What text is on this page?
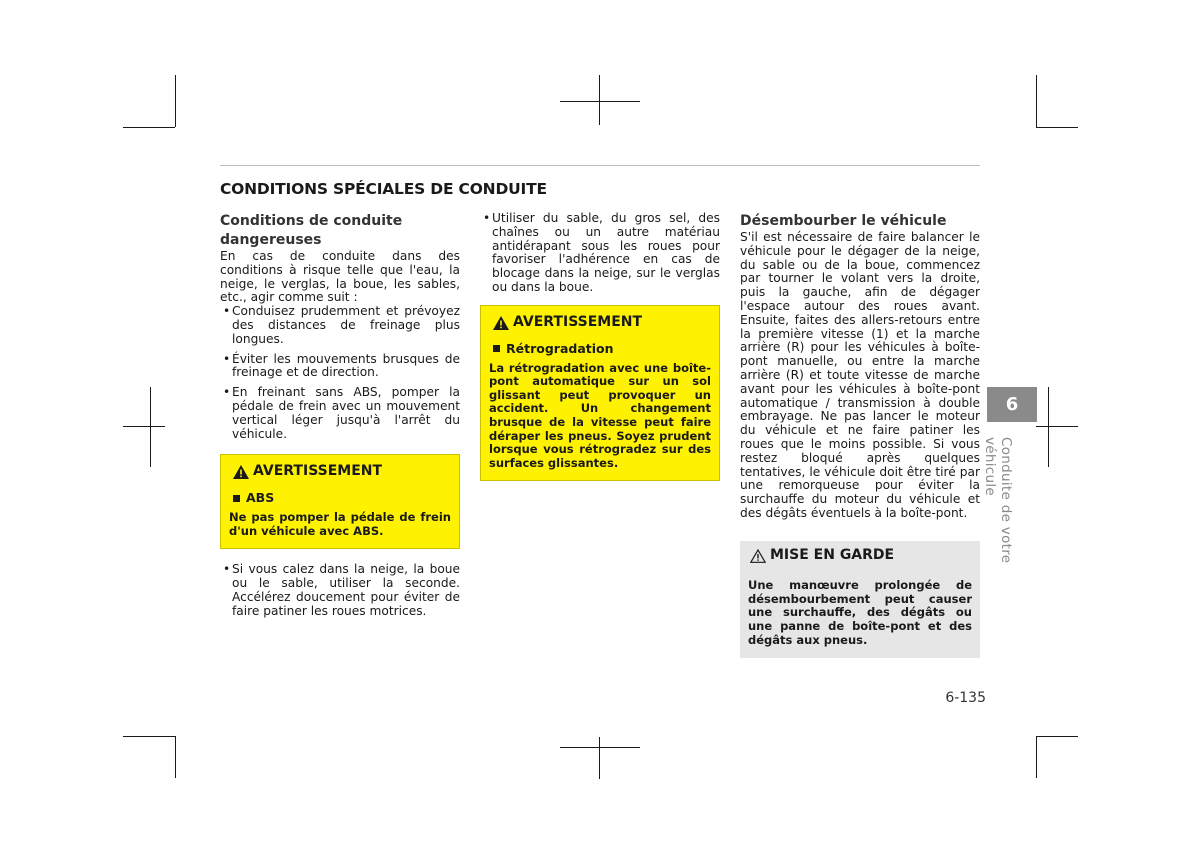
CONDITIONS SPÉCIALES DE CONDUITE
Conditions de conduite
dangereuses

En cas de conduite dans des conditions à risque telle que l'eau, la neige, le verglas, la boue, les sables, etc., agir comme suit :

• Conduisez prudemment et prévoyez des distances de freinage plus longues.
• Éviter les mouvements brusques de freinage et de direction.
• En freinant sans ABS, pomper la pédale de frein avec un mouvement vertical léger jusqu'à l'arrêt du véhicule.
AVERTISSEMENT
ABS

Ne pas pomper la pédale de frein d'un véhicule avec ABS.

• Si vous calez dans la neige, la boue ou le sable, utiliser la seconde. Accélérez doucement pour éviter de faire patiner les roues motrices.
• Utiliser du sable, du gros sel, des chaînes ou un autre matériau antidérapant sous les roues pour favoriser l'adhérence en cas de blocage dans la neige, sur le verglas ou dans la boue.
AVERTISSEMENT
Rétrogradation

La rétrogradation avec une boîte-pont automatique sur un sol glissant peut provoquer un accident. Un changement brusque de la vitesse peut faire déraper les pneus. Soyez prudent lorsque vous rétrogradez sur des surfaces glissantes.

Désembourber le véhicule

S'il est nécessaire de faire balancer le véhicule pour le dégager de la neige, du sable ou de la boue, commencez par tourner le volant vers la droite, puis la gauche, afin de dégager l'espace autour des roues avant. Ensuite, faites des allers-retours entre la première vitesse (1) et la marche arrière (R) pour les véhicules à boîte-pont manuelle, ou entre la marche arrière (R) et toute vitesse de marche avant pour les véhicules à boîte-pont automatique / transmission à double embrayage. Ne pas lancer le moteur du véhicule et ne faire patiner les roues que le moins possible. Si vous restez bloqué après quelques tentatives, le véhicule doit être tiré par une remorqueuse pour éviter la surchauffe du moteur du véhicule et des dégâts éventuels à la boîte-pont.

MISE EN GARDE

Une manœuvre prolongée de désembourbement peut causer une surchauffe, des dégâts ou une panne de boîte-pont et des dégâts aux pneus.

6
Conduite de votre véhicule
6-135
